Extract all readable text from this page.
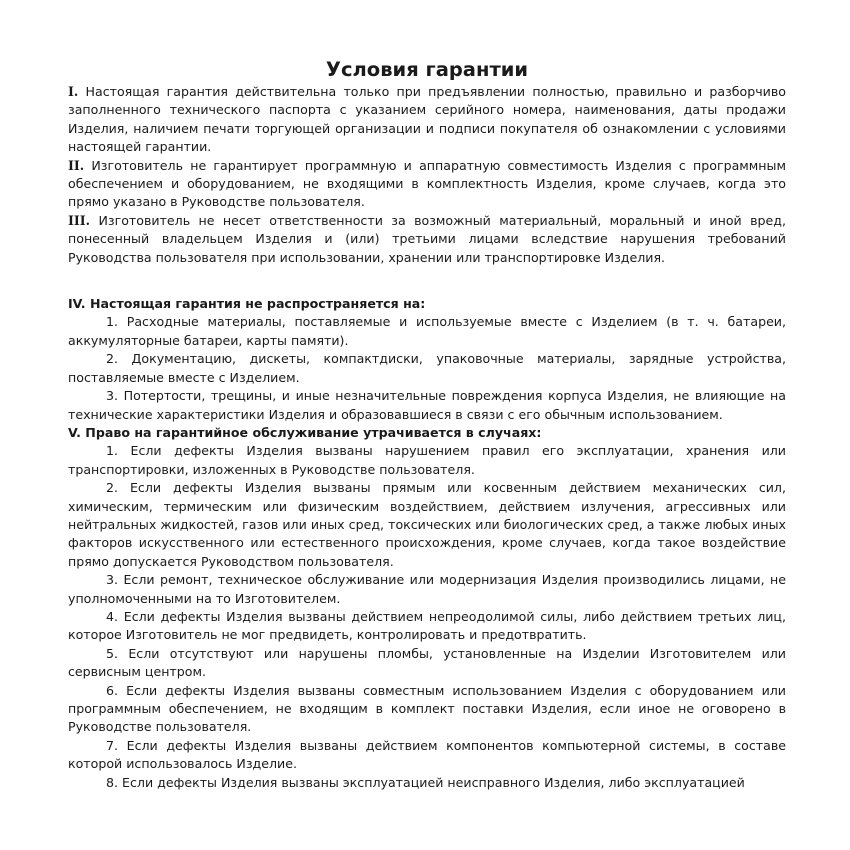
Условия гарантии

I. Настоящая гарантия действительна только при предъявлении полностью, правильно и разборчиво заполненного технического паспорта с указанием серийного номера, наименования, даты продажи Изделия, наличием печати торгующей организации и подписи покупателя об ознакомлении с условиями настоящей гарантии.

II. Изготовитель не гарантирует программную и аппаратную совместимость Изделия с программным обеспечением и оборудованием, не входящими в комплектность Изделия, кроме случаев, когда это прямо указано в Руководстве пользователя.

III. Изготовитель не несет ответственности за возможный материальный, моральный и иной вред, понесенный владельцем Изделия и (или) третьими лицами вследствие нарушения требований Руководства пользователя при использовании, хранении или транспортировке Изделия.

IV. Настоящая гарантия не распространяется на:

1. Расходные материалы, поставляемые и используемые вместе с Изделием (в т. ч. батареи, аккумуляторные батареи, карты памяти).

2. Документацию, дискеты, компактдиски, упаковочные материалы, зарядные устройства, поставляемые вместе с Изделием.

3. Потертости, трещины, и иные незначительные повреждения корпуса Изделия, не влияющие на технические характеристики Изделия и образовавшиеся в связи с его обычным использованием.

V. Право на гарантийное обслуживание утрачивается в случаях:

1. Если дефекты Изделия вызваны нарушением правил его эксплуатации, хранения или транспортировки, изложенных в Руководстве пользователя.

2. Если дефекты Изделия вызваны прямым или косвенным действием механических сил, химическим, термическим или физическим воздействием, действием излучения, агрессивных или нейтральных жидкостей, газов или иных сред, токсических или биологических сред, а также любых иных факторов искусственного или естественного происхождения, кроме случаев, когда такое воздействие прямо допускается Руководством пользователя.

3. Если ремонт, техническое обслуживание или модернизация Изделия производились лицами, не уполномоченными на то Изготовителем.

4. Если дефекты Изделия вызваны действием непреодолимой силы, либо действием третьих лиц, которое Изготовитель не мог предвидеть, контролировать и предотвратить.

5. Если отсутствуют или нарушены пломбы, установленные на Изделии Изготовителем или сервисным центром.

6. Если дефекты Изделия вызваны совместным использованием Изделия с оборудованием или программным обеспечением, не входящим в комплект поставки Изделия, если иное не оговорено в Руководстве пользователя.

7. Если дефекты Изделия вызваны действием компонентов компьютерной системы, в составе которой использовалось Изделие.

8. Если дефекты Изделия вызваны эксплуатацией неисправного Изделия, либо эксплуатацией
